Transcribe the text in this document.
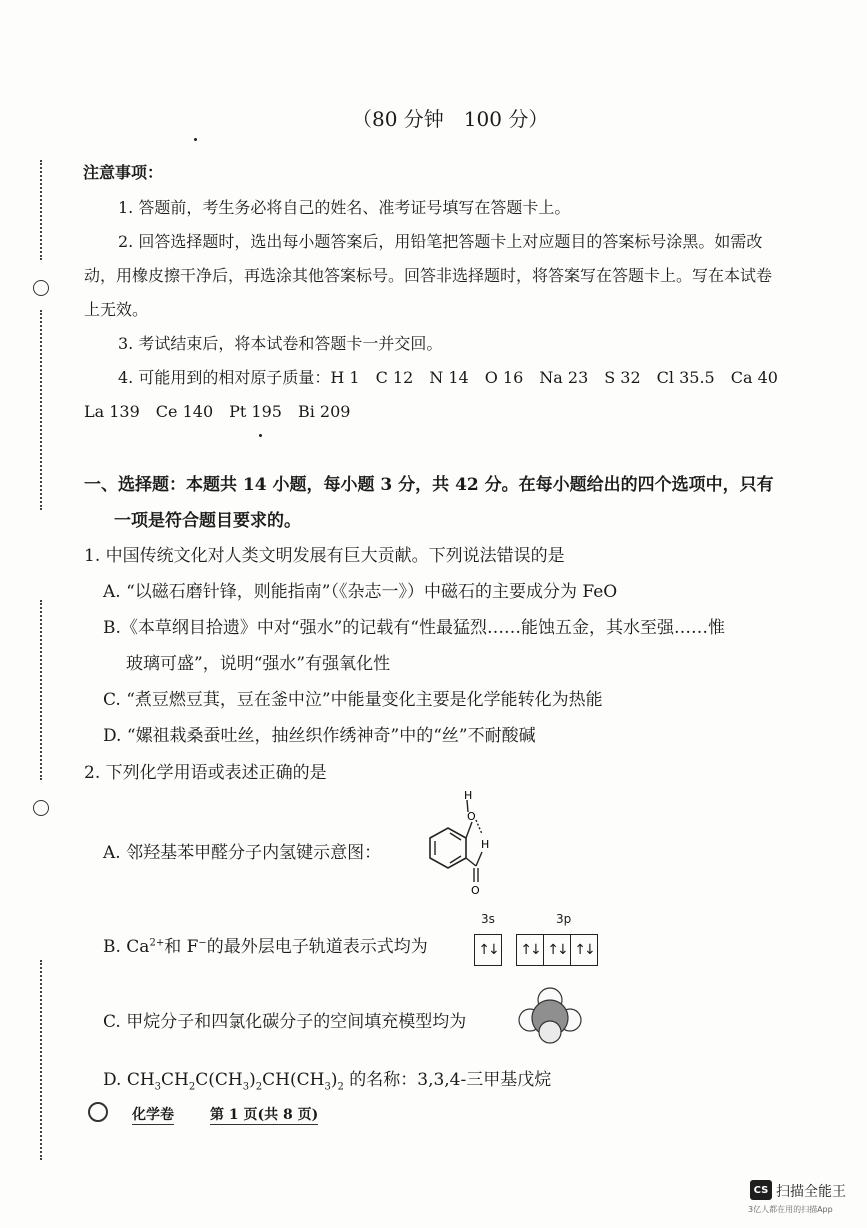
（80 分钟　100 分）
注意事项：
1. 答题前，考生务必将自己的姓名、准考证号填写在答题卡上。
2. 回答选择题时，选出每小题答案后，用铅笔把答题卡上对应题目的答案标号涂黑。如需改
动，用橡皮擦干净后，再选涂其他答案标号。回答非选择题时，将答案写在答题卡上。写在本试卷
上无效。
3. 考试结束后，将本试卷和答题卡一并交回。
4. 可能用到的相对原子质量：H 1　C 12　N 14　O 16　Na 23　S 32　Cl 35.5　Ca 40
La 139　Ce 140　Pt 195　Bi 209
一、选择题：本题共 14 小题，每小题 3 分，共 42 分。在每小题给出的四个选项中，只有
一项是符合题目要求的。
1. 中国传统文化对人类文明发展有巨大贡献。下列说法错误的是
A. “以磁石磨针锋，则能指南”（《杂志一》）中磁石的主要成分为 FeO
B.《本草纲目拾遗》中对“强水”的记载有“性最猛烈……能蚀五金，其水至强……惟
玻璃可盛”，说明“强水”有强氧化性
C. “煮豆燃豆萁，豆在釜中泣”中能量变化主要是化学能转化为热能
D. “嫘祖栽桑蚕吐丝，抽丝织作绣神奇”中的“丝”不耐酸碱
2. 下列化学用语或表述正确的是
A. 邻羟基苯甲醛分子内氢键示意图：
H
O
H
O
B. $Ca^{2+}$和 F−的最外层电子轨道表示式均为
3s	3p
↑↓ ↑↓ ↑↓ ↑↓
C. 甲烷分子和四氯化碳分子的空间填充模型均为
D. $CH_3CH_2C(CH_3)_2CH(CH_3)_2$ 的名称：3,3,4-三甲基戊烷
化学卷	第 1 页(共 8 页)
CS 扫描全能王
3亿人都在用的扫描App
